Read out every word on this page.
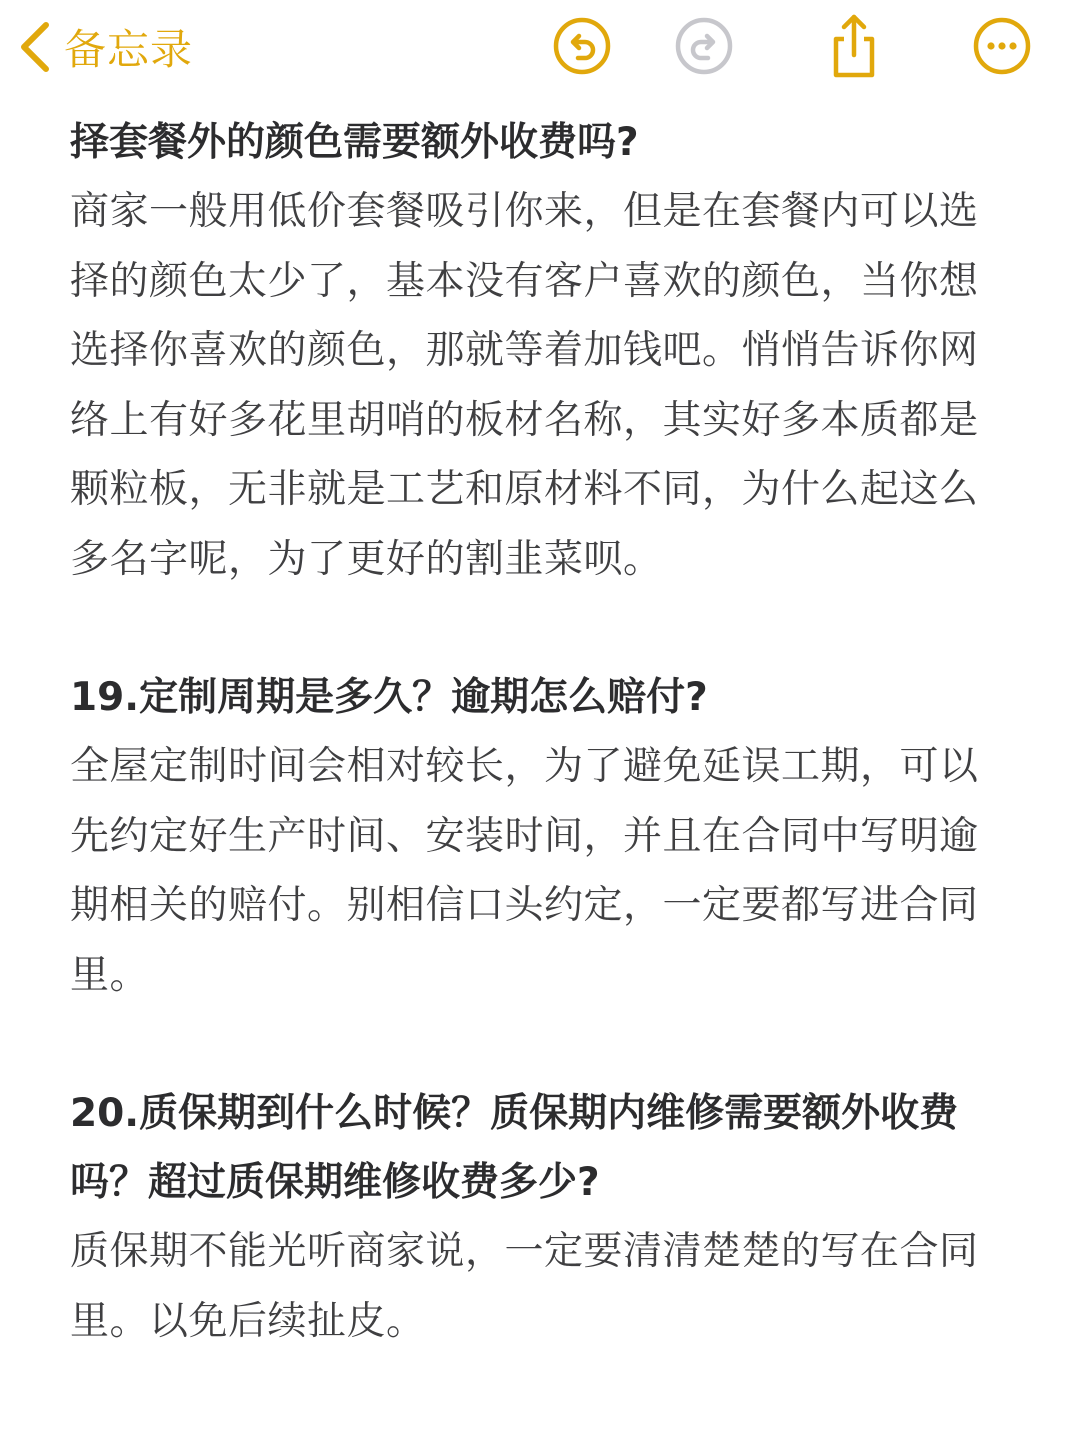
备忘录

择套餐外的颜色需要额外收费吗?

商家一般用低价套餐吸引你来，但是在套餐内可以选择的颜色太少了，基本没有客户喜欢的颜色，当你想选择你喜欢的颜色，那就等着加钱吧。悄悄告诉你网络上有好多花里胡哨的板材名称，其实好多本质都是颗粒板，无非就是工艺和原材料不同，为什么起这么多名字呢，为了更好的割韭菜呗。

19.定制周期是多久？逾期怎么赔付?

全屋定制时间会相对较长，为了避免延误工期，可以先约定好生产时间、安装时间，并且在合同中写明逾期相关的赔付。别相信口头约定，一定要都写进合同里。

20.质保期到什么时候？质保期内维修需要额外收费吗？超过质保期维修收费多少?

质保期不能光听商家说，一定要清清楚楚的写在合同里。以免后续扯皮。
